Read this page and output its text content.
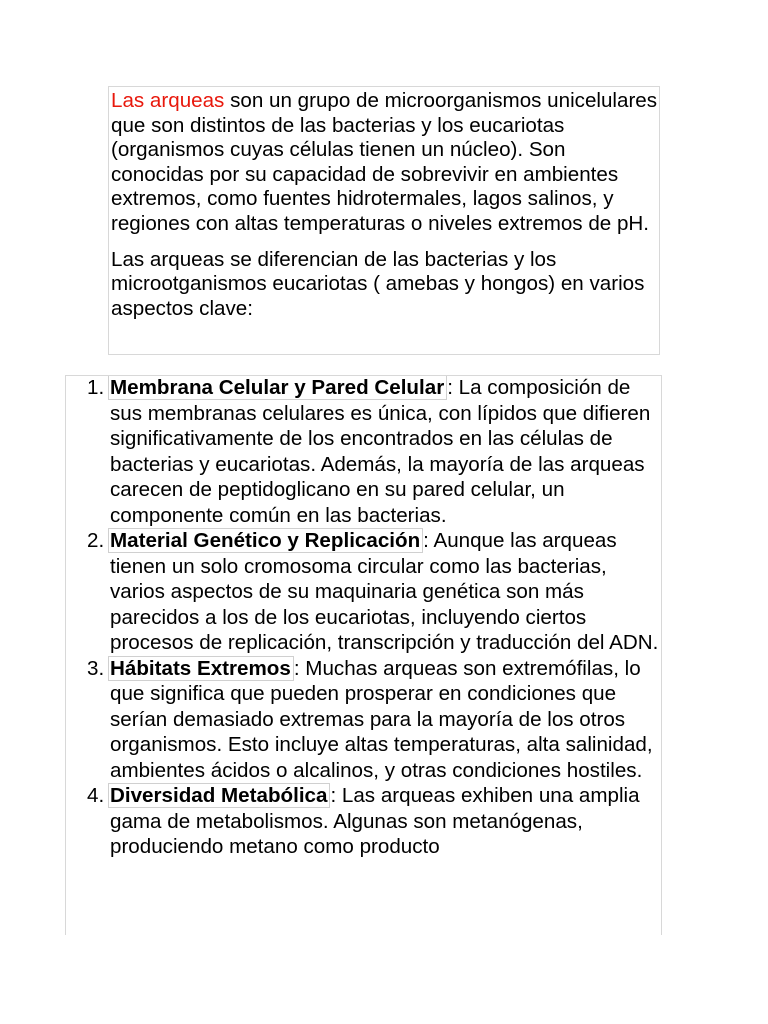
Las arqueas son un grupo de microorganismos unicelulares que son distintos de las bacterias y los eucariotas (organismos cuyas células tienen un núcleo). Son conocidas por su capacidad de sobrevivir en ambientes extremos, como fuentes hidrotermales, lagos salinos, y regiones con altas temperaturas o niveles extremos de pH.

Las arqueas se diferencian de las bacterias y los microotganismos eucariotas ( amebas y hongos) en varios aspectos clave:

1. Membrana Celular y Pared Celular : La composición de sus membranas celulares es única, con lípidos que difieren significativamente de los encontrados en las células de bacterias y eucariotas. Además, la mayoría de las arqueas carecen de peptidoglicano en su pared celular, un componente común en las bacterias.
2. Material Genético y Replicación : Aunque las arqueas tienen un solo cromosoma circular como las bacterias, varios aspectos de su maquinaria genética son más parecidos a los de los eucariotas, incluyendo ciertos procesos de replicación, transcripción y traducción del ADN.
3. Hábitats Extremos : Muchas arqueas son extremófilas, lo que significa que pueden prosperar en condiciones que serían demasiado extremas para la mayoría de los otros organismos. Esto incluye altas temperaturas, alta salinidad, ambientes ácidos o alcalinos, y otras condiciones hostiles.
4. Diversidad Metabólica : Las arqueas exhiben una amplia gama de metabolismos. Algunas son metanógenas, produciendo metano como producto
